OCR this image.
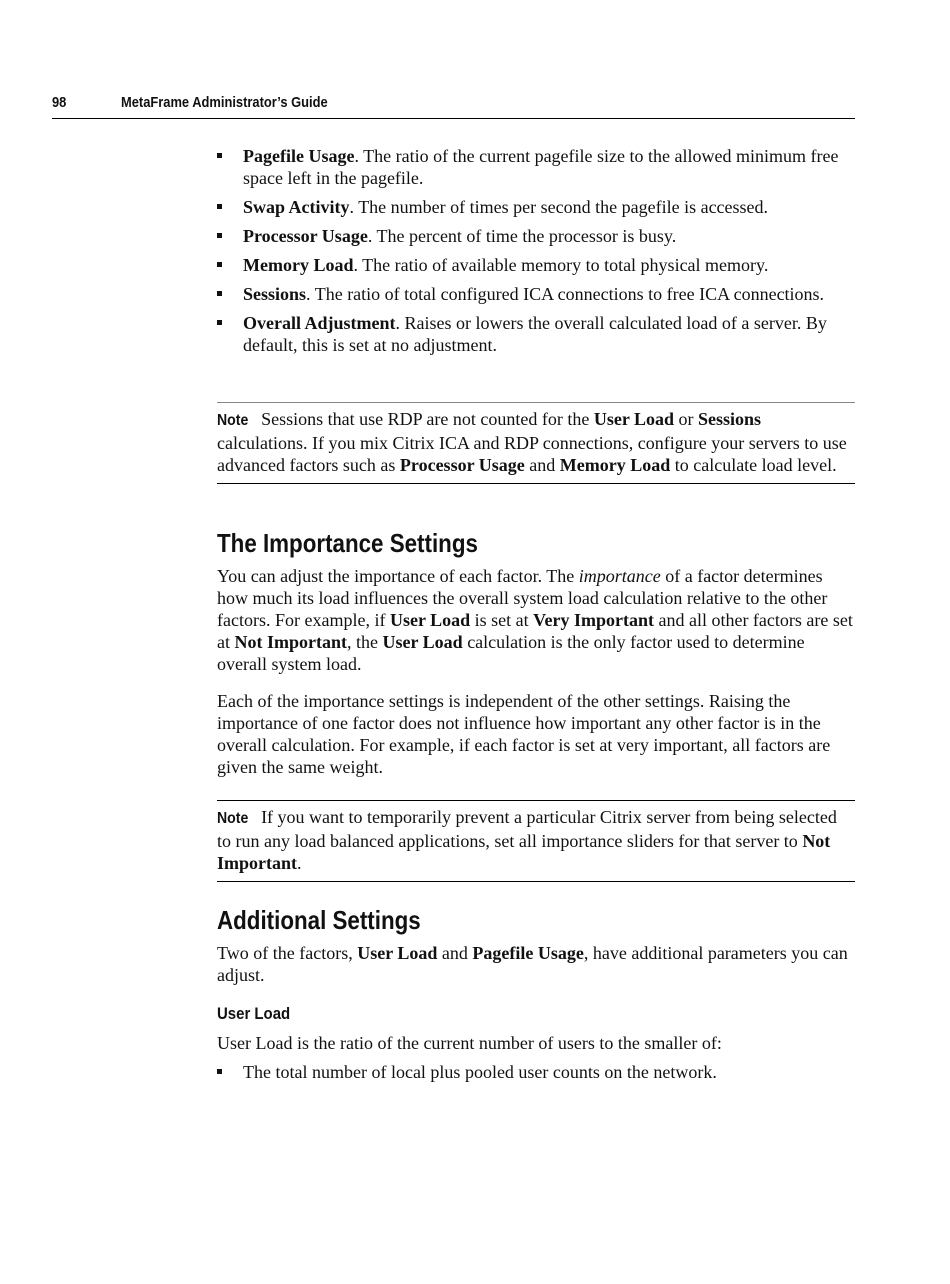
98	MetaFrame Administrator’s Guide
Pagefile Usage. The ratio of the current pagefile size to the allowed minimum free space left in the pagefile.
Swap Activity. The number of times per second the pagefile is accessed.
Processor Usage. The percent of time the processor is busy.
Memory Load. The ratio of available memory to total physical memory.
Sessions. The ratio of total configured ICA connections to free ICA connections.
Overall Adjustment. Raises or lowers the overall calculated load of a server. By default, this is set at no adjustment.
Note Sessions that use RDP are not counted for the User Load or Sessions calculations. If you mix Citrix ICA and RDP connections, configure your servers to use advanced factors such as Processor Usage and Memory Load to calculate load level.
The Importance Settings

You can adjust the importance of each factor. The importance of a factor determines how much its load influences the overall system load calculation relative to the other factors. For example, if User Load is set at Very Important and all other factors are set at Not Important, the User Load calculation is the only factor used to determine overall system load.

Each of the importance settings is independent of the other settings. Raising the importance of one factor does not influence how important any other factor is in the overall calculation. For example, if each factor is set at very important, all factors are given the same weight.

Note If you want to temporarily prevent a particular Citrix server from being selected to run any load balanced applications, set all importance sliders for that server to Not Important.
Additional Settings

Two of the factors, User Load and Pagefile Usage, have additional parameters you can adjust.

User Load

User Load is the ratio of the current number of users to the smaller of:

The total number of local plus pooled user counts on the network.
